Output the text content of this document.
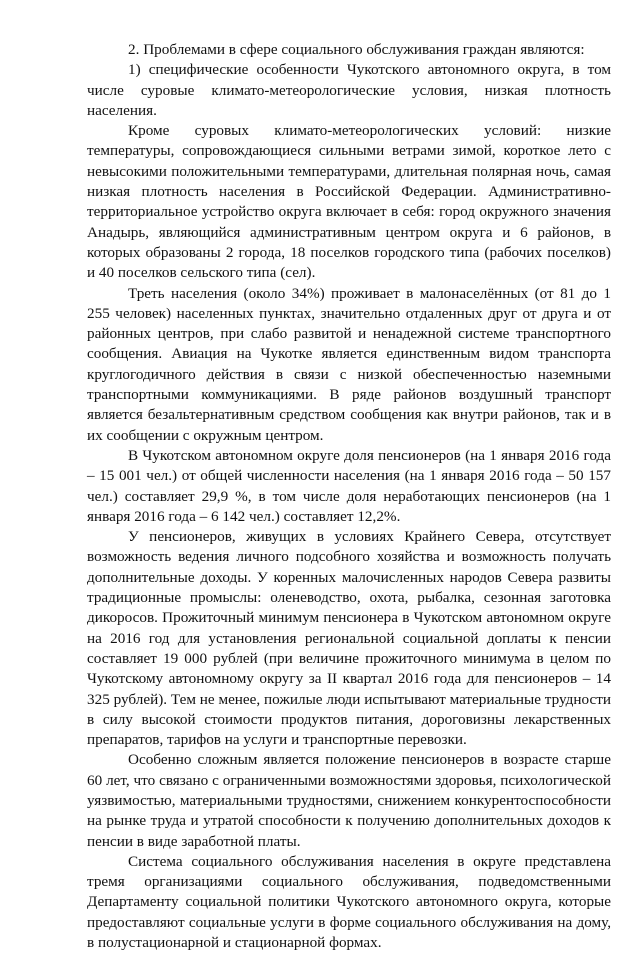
2. Проблемами в сфере социального обслуживания граждан являются:

1) специфические особенности Чукотского автономного округа, в том числе суровые климато-метеорологические условия, низкая плотность населения.

Кроме суровых климато-метеорологических условий: низкие температуры, сопровождающиеся сильными ветрами зимой, короткое лето с невысокими положительными температурами, длительная полярная ночь, самая низкая плотность населения в Российской Федерации. Административно-территориальное устройство округа включает в себя: город окружного значения Анадырь, являющийся административным центром округа и 6 районов, в которых образованы 2 города, 18 поселков городского типа (рабочих поселков) и 40 поселков сельского типа (сел).

Треть населения (около 34%) проживает в малонаселённых (от 81 до 1 255 человек) населенных пунктах, значительно отдаленных друг от друга и от районных центров, при слабо развитой и ненадежной системе транспортного сообщения. Авиация на Чукотке является единственным видом транспорта круглогодичного действия в связи с низкой обеспеченностью наземными транспортными коммуникациями. В ряде районов воздушный транспорт является безальтернативным средством сообщения как внутри районов, так и в их сообщении с окружным центром.

В Чукотском автономном округе доля пенсионеров (на 1 января 2016 года – 15 001 чел.) от общей численности населения (на 1 января 2016 года – 50 157 чел.) составляет 29,9 %, в том числе доля неработающих пенсионеров (на 1 января 2016 года – 6 142 чел.) составляет 12,2%.

У пенсионеров, живущих в условиях Крайнего Севера, отсутствует возможность ведения личного подсобного хозяйства и возможность получать дополнительные доходы. У коренных малочисленных народов Севера развиты традиционные промыслы: оленеводство, охота, рыбалка, сезонная заготовка дикоросов. Прожиточный минимум пенсионера в Чукотском автономном округе на 2016 год для установления региональной социальной доплаты к пенсии составляет 19 000 рублей (при величине прожиточного минимума в целом по Чукотскому автономному округу за II квартал 2016 года для пенсионеров – 14 325 рублей). Тем не менее, пожилые люди испытывают материальные трудности в силу высокой стоимости продуктов питания, дороговизны лекарственных препаратов, тарифов на услуги и транспортные перевозки.

Особенно сложным является положение пенсионеров в возрасте старше 60 лет, что связано с ограниченными возможностями здоровья, психологической уязвимостью, материальными трудностями, снижением конкурентоспособности на рынке труда и утратой способности к получению дополнительных доходов к пенсии в виде заработной платы.

Система социального обслуживания населения в округе представлена тремя организациями социального обслуживания, подведомственными Департаменту социальной политики Чукотского автономного округа, которые предоставляют социальные услуги в форме социального обслуживания на дому, в полустационарной и стационарной формах.
